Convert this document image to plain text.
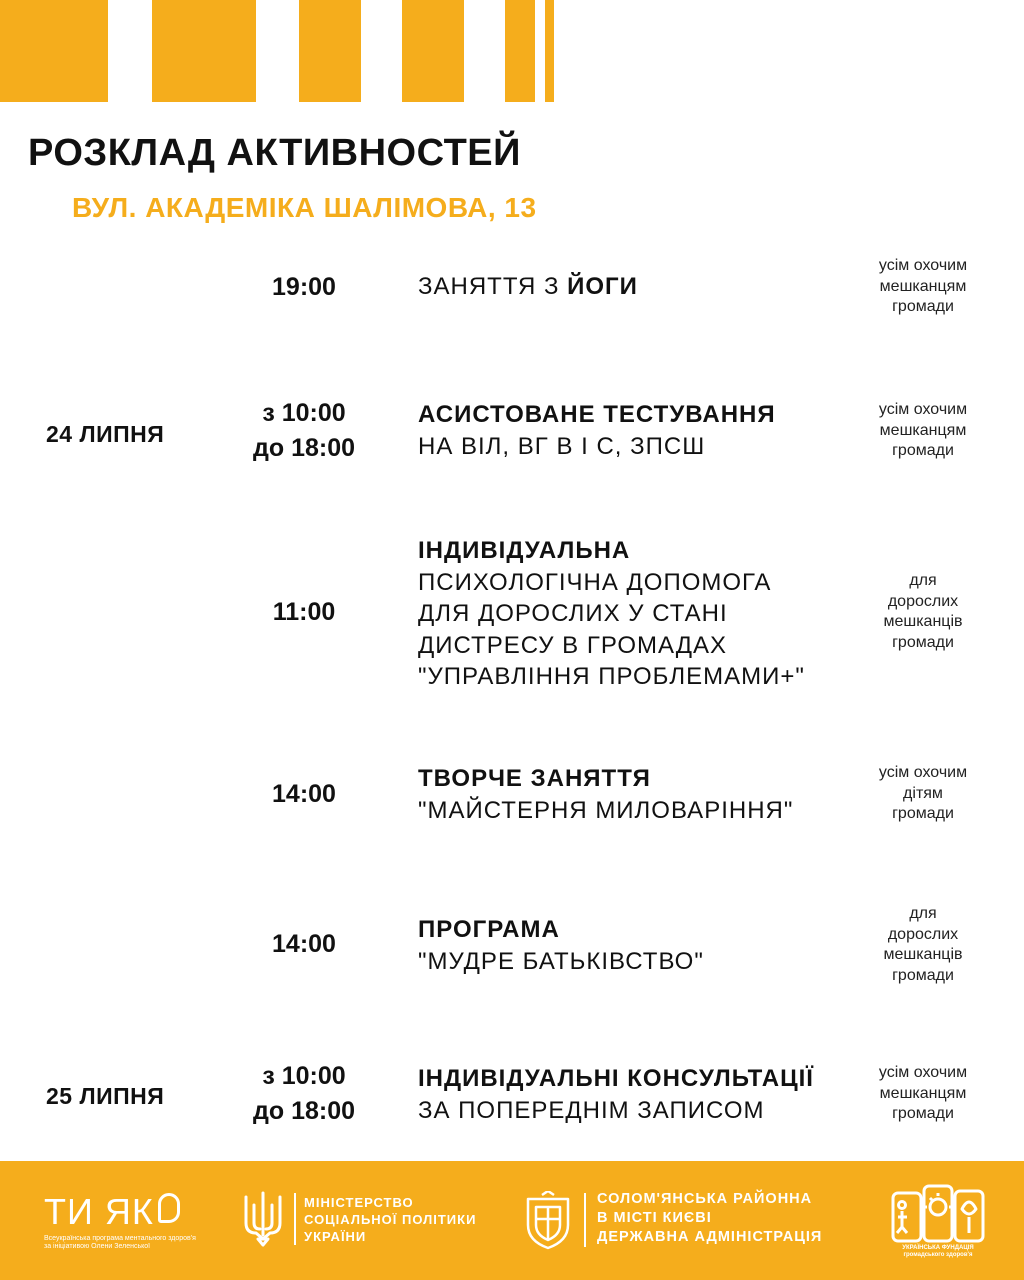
РОЗКЛАД АКТИВНОСТЕЙ
ВУЛ. АКАДЕМІКА ШАЛІМОВА, 13
24 ЛИПНЯ
25 ЛИПНЯ
19:00	ЗАНЯТТЯ З ЙОГИ
усім охочим
мешканцям
громади
з 10:00
до 18:00
АСИСТОВАНЕ ТЕСТУВАННЯ
НА ВІЛ, ВГ В І С, ЗПСШ
усім охочим
мешканцям
громади
11:00
ІНДИВІДУАЛЬНА
ПСИХОЛОГІЧНА ДОПОМОГА
ДЛЯ ДОРОСЛИХ У СТАНІ
ДИСТРЕСУ В ГРОМАДАХ
"УПРАВЛІННЯ ПРОБЛЕМАМИ+"
для
дорослих
мешканців
громади
14:00
ТВОРЧЕ ЗАНЯТТЯ
"МАЙСТЕРНЯ МИЛОВАРІННЯ"
усім охочим
дітям
громади
14:00
ПРОГРАМА
"МУДРЕ БАТЬКІВСТВО"
для
дорослих
мешканців
громади
з 10:00
до 18:00
ІНДИВІДУАЛЬНІ КОНСУЛЬТАЦІЇ
ЗА ПОПЕРЕДНІМ ЗАПИСОМ
усім охочим
мешканцям
громади
ТИ ЯК
Всеукраїнська програма ментального здоров'я
за ініціативою Олени Зеленської
МІНІСТЕРСТВО
СОЦІАЛЬНОЇ ПОЛІТИКИ
УКРАЇНИ
СОЛОМ'ЯНСЬКА РАЙОННА
В МІСТІ КИЄВІ
ДЕРЖАВНА АДМІНІСТРАЦІЯ
УКРАЇНСЬКА ФУНДАЦІЯ
громадського здоров'я
